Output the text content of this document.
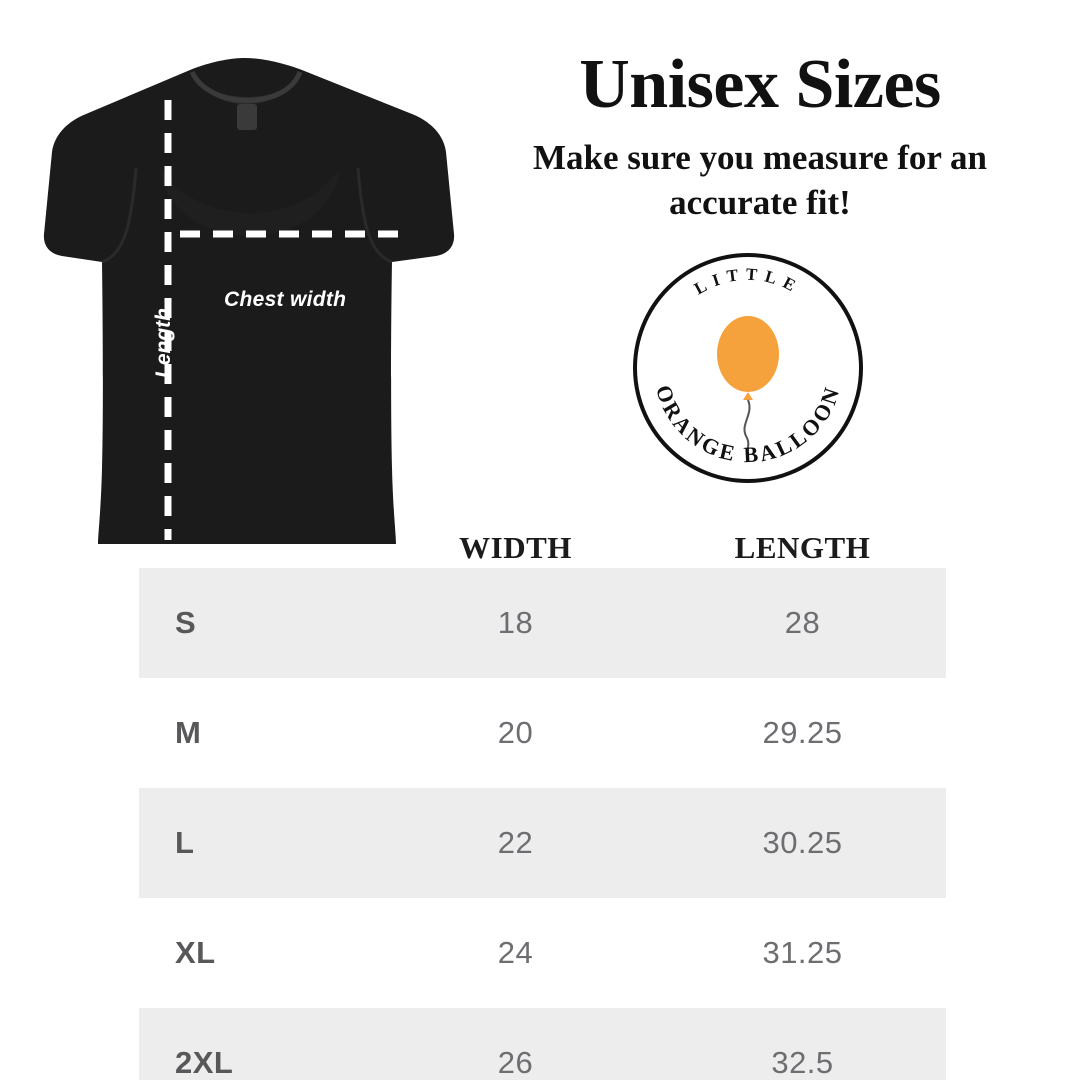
Chest width
Length
Unisex Sizes
Make sure you measure for an accurate fit!
LITTLE
ORANGE BALLOON
WIDTH	LENGTH
S	18	28
M	20	29.25
L	22	30.25
XL	24	31.25
2XL	26	32.5
